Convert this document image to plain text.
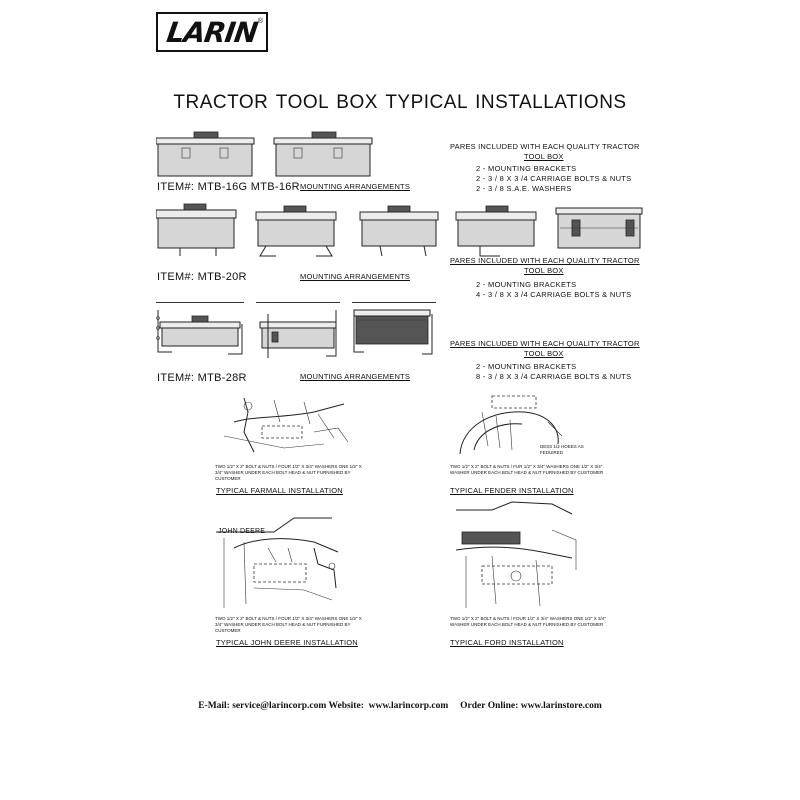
LARIN
®
TRACTOR TOOL BOX TYPICAL INSTALLATIONS
ITEM#: MTB-16G MTB-16R MOUNTING ARRANGEMENTS
PARES INCLUDED WITH EACH QUALITY TRACTOR
TOOL BOX
2 - MOUNTING BRACKETS
2 - 3 / 8 X 3 /4 CARRIAGE BOLTS & NUTS
2 - 3 / 8 S.A.E. WASHERS
ITEM#: MTB-20R	MOUNTING ARRANGEMENTS
PARES INCLUDED WITH EACH QUALITY TRACTOR
TOOL BOX
2 - MOUNTING BRACKETS
4 - 3 / 8 X 3 /4 CARRIAGE BOLTS & NUTS
ITEM#: MTB-28R	MOUNTING ARRANGEMENTS
PARES INCLUDED WITH EACH QUALITY TRACTOR
TOOL BOX
2 - MOUNTING BRACKETS
8 - 3 / 8 X 3 /4 CARRIAGE BOLTS & NUTS
TWO 1/2" X 2" BOLT & NUTS / FOUR 1/2" X 3/4" WASHERS ONE 1/2" X 3/4" WASHER UNDER EACH BOLT HEAD & NUT FURNISHED BY CUSTOMER
TYPICAL FARMALL INSTALLATION
DESS 1/2 HOEES AS FEDUIRED
TWO 1/2" X 2" BOLT & NUTS / FUR 1/2" X 3/4" WASHERS ONE 1/2" X 3/4" WASHER UNDER EACH BOLT HEAD & NUT FURNISHED BY CUSTOMER
TYPICAL FENDER INSTALLATION
JOHN DEERE
TWO 1/2" X 2" BOLT & NUTS / FOUR 1/2" X 3/4" WASHERS ONE 1/2" X 3/4" WASHER UNDER EACH BOLT HEAD & NUT FURNISHED BY CUSTOMER
TYPICAL JOHN DEERE INSTALLATION
TWO 1/2" X 2" BOLT & NUTS / FOUR 1/2" X 3/4" WASHERS ONE 1/2" X 3/4" WASHER UNDER EACH BOLT HEAD & NUT FURNISHED BY CUSTOMER
TYPICAL FORD INSTALLATION
E-Mail: service@larincorp.com Website: www.larincorp.com Order Online: www.larinstore.com
